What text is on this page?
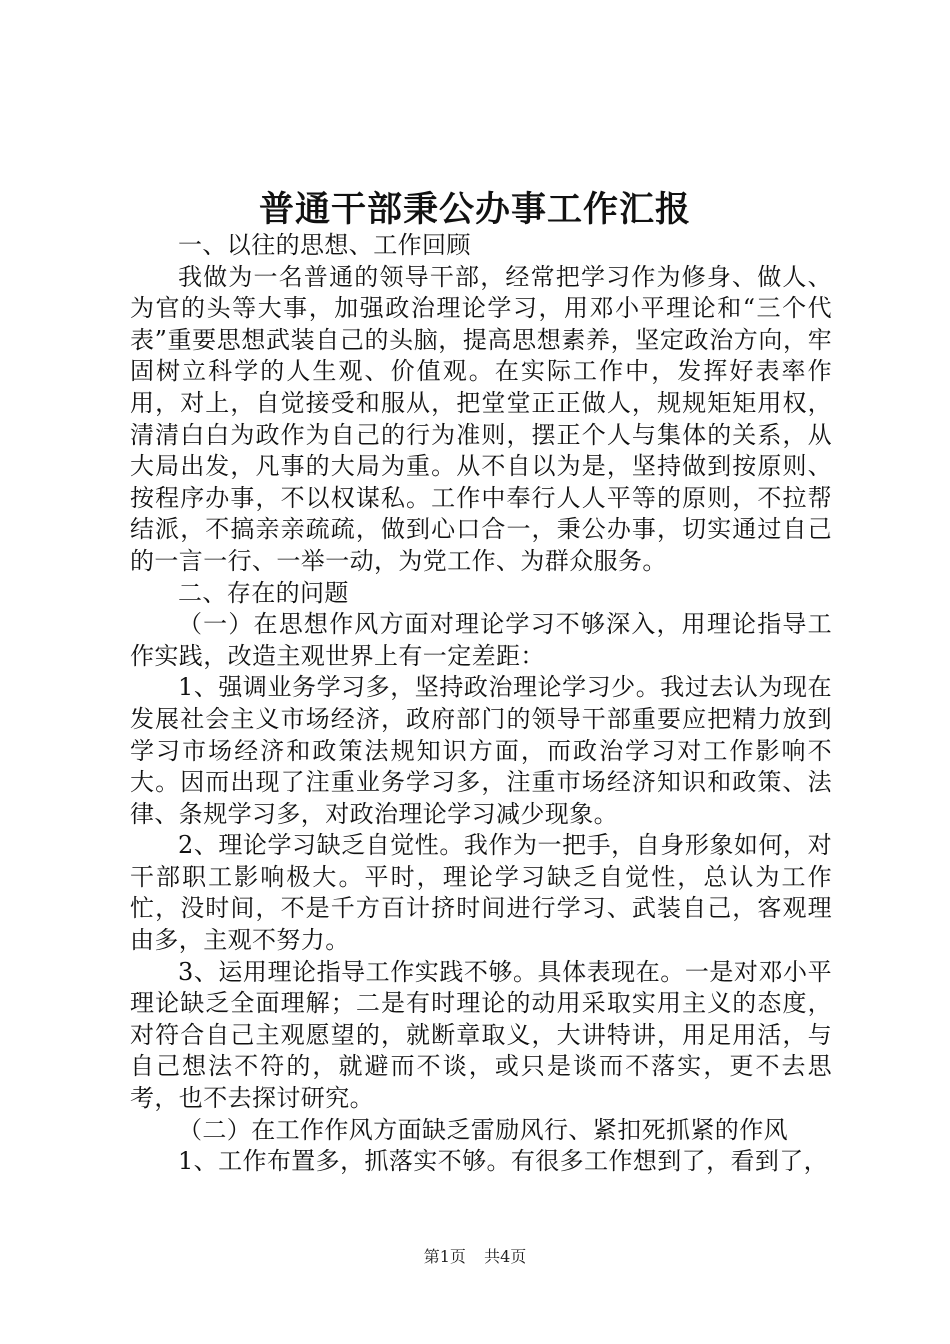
普通干部秉公办事工作汇报

一、以往的思想、工作回顾

我做为一名普通的领导干部，经常把学习作为修身、做人、为官的头等大事，加强政治理论学习，用邓小平理论和“三个代表”重要思想武装自己的头脑，提高思想素养，坚定政治方向，牢固树立科学的人生观、价值观。在实际工作中，发挥好表率作用，对上，自觉接受和服从，把堂堂正正做人，规规矩矩用权，清清白白为政作为自己的行为准则，摆正个人与集体的关系，从大局出发，凡事的大局为重。从不自以为是，坚持做到按原则、按程序办事，不以权谋私。工作中奉行人人平等的原则，不拉帮结派，不搞亲亲疏疏，做到心口合一，秉公办事，切实通过自己的一言一行、一举一动，为党工作、为群众服务。

二、存在的问题

（一）在思想作风方面对理论学习不够深入，用理论指导工作实践，改造主观世界上有一定差距：

1、强调业务学习多，坚持政治理论学习少。我过去认为现在发展社会主义市场经济，政府部门的领导干部重要应把精力放到学习市场经济和政策法规知识方面，而政治学习对工作影响不大。因而出现了注重业务学习多，注重市场经济知识和政策、法律、条规学习多，对政治理论学习减少现象。

2、理论学习缺乏自觉性。我作为一把手，自身形象如何，对干部职工影响极大。平时，理论学习缺乏自觉性，总认为工作忙，没时间，不是千方百计挤时间进行学习、武装自己，客观理由多，主观不努力。

3、运用理论指导工作实践不够。具体表现在。一是对邓小平理论缺乏全面理解；二是有时理论的动用采取实用主义的态度，对符合自己主观愿望的，就断章取义，大讲特讲，用足用活，与自己想法不符的，就避而不谈，或只是谈而不落实，更不去思考，也不去探讨研究。

（二）在工作作风方面缺乏雷励风行、紧扣死抓紧的作风

1、工作布置多，抓落实不够。有很多工作想到了，看到了，

第1页 共4页
